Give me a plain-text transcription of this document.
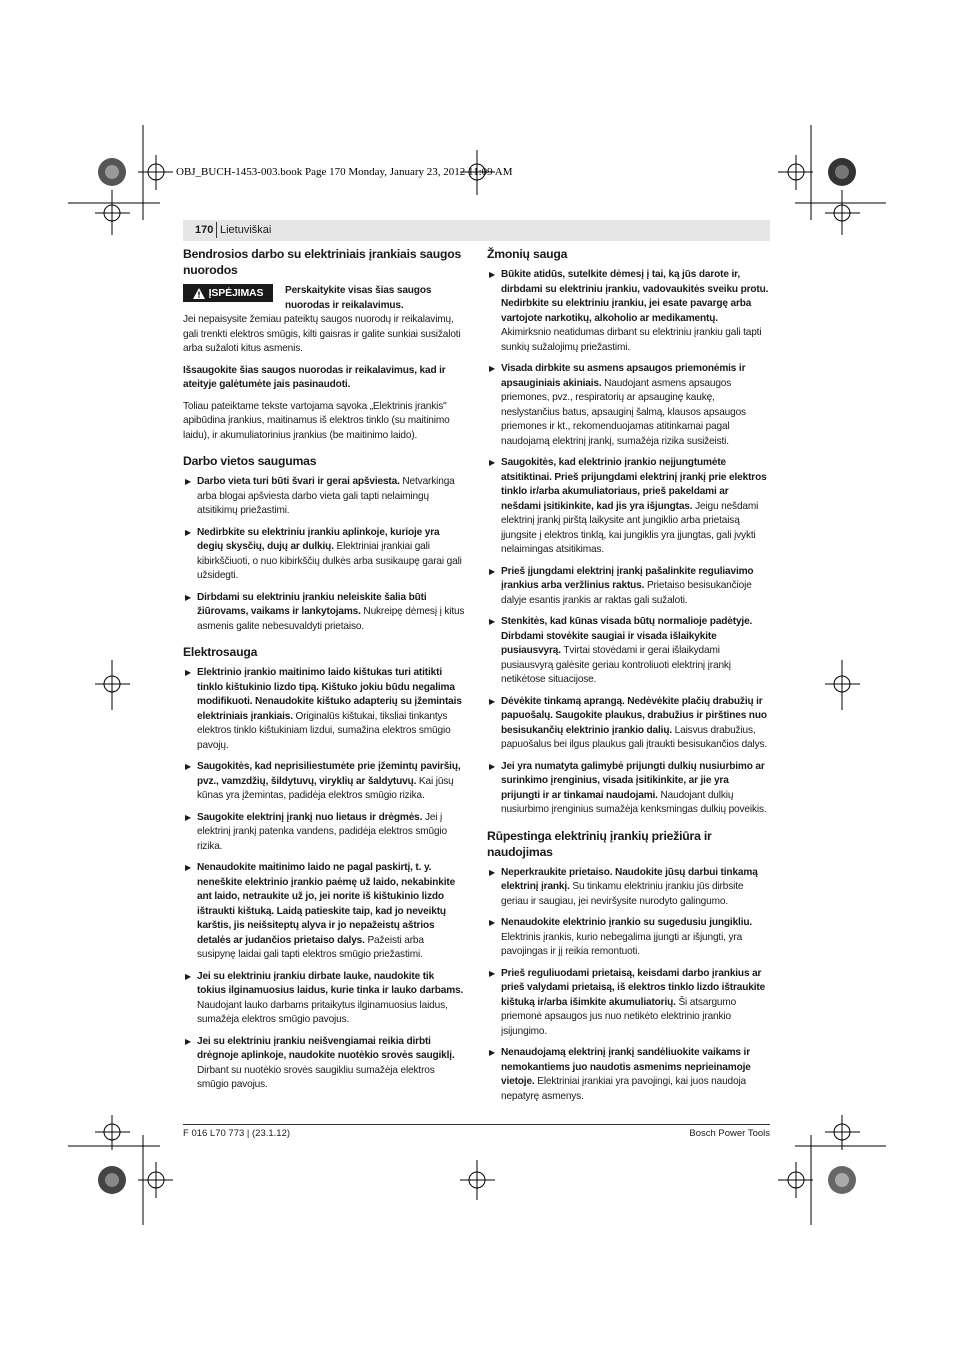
OBJ_BUCH-1453-003.book Page 170 Monday, January 23, 2012 11:09 AM
170 Lietuviškai
Bendrosios darbo su elektriniais įrankiais saugos nuorodos
ĮSPĖJIMAS Perskaitykite visas šias saugos nuorodas ir reikalavimus.

Jei nepaisysite žemiau pateiktų saugos nuorodų ir reikalavimų, gali trenkti elektros smūgis, kilti gaisras ir galite sunkiai susižaloti arba sužaloti kitus asmenis.

Išsaugokite šias saugos nuorodas ir reikalavimus, kad ir ateityje galėtumėte jais pasinaudoti.

Toliau pateiktame tekste vartojama sąvoka „Elektrinis įrankis" apibūdina įrankius, maitinamus iš elektros tinklo (su maitinimo laidu), ir akumuliatorinius įrankius (be maitinimo laido).

Darbo vietos saugumas
▶ Darbo vieta turi būti švari ir gerai apšviesta. Netvarkinga arba blogai apšviesta darbo vieta gali tapti nelaimingų atsitikimų priežastimi.
▶ Nedirbkite su elektriniu įrankiu aplinkoje, kurioje yra degių skysčių, dujų ar dulkių. Elektriniai įrankiai gali kibirkščiuoti, o nuo kibirkščių dulkės arba susikaupę garai gali užsidegti.
▶ Dirbdami su elektriniu įrankiu neleiskite šalia būti žiūrovams, vaikams ir lankytojams. Nukreipę dėmesį į kitus asmenis galite nebesuvaldyti prietaiso.
Elektrosauga
▶ Elektrinio įrankio maitinimo laido kištukas turi atitikti tinklo kištukinio lizdo tipą. Kištuko jokiu būdu negalima modifikuoti. Nenaudokite kištuko adapterių su įžemintais elektriniais įrankiais. Originalūs kištukai, tiksliai tinkantys elektros tinklo kištukiniam lizdui, sumažina elektros smūgio pavojų.
▶ Saugokitės, kad neprisiliestumėte prie įžemintų paviršių, pvz., vamzdžių, šildytuvų, viryklių ar šaldytuvų. Kai jūsų kūnas yra įžemintas, padidėja elektros smūgio rizika.
▶ Saugokite elektrinį įrankį nuo lietaus ir drėgmės. Jei į elektrinį įrankį patenka vandens, padidėja elektros smūgio rizika.
▶ Nenaudokite maitinimo laido ne pagal paskirtį, t. y. neneškite elektrinio įrankio paėmę už laido, nekabinkite ant laido, netraukite už jo, jei norite iš kištukinio lizdo ištraukti kištuką. Laidą patieskite taip, kad jo neveiktų karštis, jis neišsiteptų alyva ir jo nepažeistų aštrios detalės ar judančios prietaiso dalys. Pažeisti arba susipynę laidai gali tapti elektros smūgio priežastimi.
▶ Jei su elektriniu įrankiu dirbate lauke, naudokite tik tokius ilginamuosius laidus, kurie tinka ir lauko darbams. Naudojant lauko darbams pritaikytus ilginamuosius laidus, sumažėja elektros smūgio pavojus.
▶ Jei su elektriniu įrankiu neišvengiamai reikia dirbti drėgnoje aplinkoje, naudokite nuotėkio srovės saugiklį. Dirbant su nuotėkio srovės saugikliu sumažėja elektros smūgio pavojus.
Žmonių sauga
▶ Būkite atidūs, sutelkite dėmesį į tai, ką jūs darote ir, dirbdami su elektriniu įrankiu, vadovaukitės sveiku protu. Nedirbkite su elektriniu įrankiu, jei esate pavargę arba vartojote narkotikų, alkoholio ar medikamentų. Akimirksnio neatidumas dirbant su elektriniu įrankiu gali tapti sunkių sužalojimų priežastimi.
▶ Visada dirbkite su asmens apsaugos priemonėmis ir apsauginiais akiniais. Naudojant asmens apsaugos priemones, pvz., respiratorių ar apsauginę kaukę, neslystančius batus, apsauginį šalmą, klausos apsaugos priemones ir kt., rekomenduojamas atitinkamai pagal naudojamą elektrinį įrankį, sumažėja rizika susižeisti.
▶ Saugokitės, kad elektrinio įrankio neįjungtumėte atsitiktinai. Prieš prijungdami elektrinį įrankį prie elektros tinklo ir/arba akumuliatoriaus, prieš pakeldami ar nešdami įsitikinkite, kad jis yra išjungtas. Jeigu nešdami elektrinį įrankį pirštą laikysite ant jungiklio arba prietaisą įjungsite į elektros tinklą, kai jungiklis yra įjungtas, gali įvykti nelaimingas atsitikimas.
▶ Prieš įjungdami elektrinį įrankį pašalinkite reguliavimo įrankius arba veržlinius raktus. Prietaiso besisukančioje dalyje esantis įrankis ar raktas gali sužaloti.
▶ Stenkitės, kad kūnas visada būtų normalioje padėtyje. Dirbdami stovėkite saugiai ir visada išlaikykite pusiausvyrą. Tvirtai stovėdami ir gerai išlaikydami pusiausvyrą galėsite geriau kontroliuoti elektrinį įrankį netikėtose situacijose.
▶ Dėvėkite tinkamą aprangą. Nedėvėkite plačių drabužių ir papuošalų. Saugokite plaukus, drabužius ir pirštines nuo besisukančių elektrinio įrankio dalių. Laisvus drabužius, papuošalus bei ilgus plaukus gali įtraukti besisukančios dalys.
▶ Jei yra numatyta galimybė prijungti dulkių nusiurbimo ar surinkimo įrenginius, visada įsitikinkite, ar jie yra prijungti ir ar tinkamai naudojami. Naudojant dulkių nusiurbimo įrenginius sumažėja kenksmingas dulkių poveikis.
Rūpestinga elektrinių įrankių priežiūra ir naudojimas
▶ Neperkraukite prietaiso. Naudokite jūsų darbui tinkamą elektrinį įrankį. Su tinkamu elektriniu įrankiu jūs dirbsite geriau ir saugiau, jei neviršysite nurodyto galingumo.
▶ Nenaudokite elektrinio įrankio su sugedusiu jungikliu. Elektrinis įrankis, kurio nebegalima įjungti ar išjungti, yra pavojingas ir jį reikia remontuoti.
▶ Prieš reguliuodami prietaisą, keisdami darbo įrankius ar prieš valydami prietaisą, iš elektros tinklo lizdo ištraukite kištuką ir/arba išimkite akumuliatorių. Ši atsargumo priemonė apsaugos jus nuo netikėto elektrinio įrankio įsijungimo.
▶ Nenaudojamą elektrinį įrankį sandėliuokite vaikams ir nemokantiems juo naudotis asmenims neprieinamoje vietoje. Elektriniai įrankiai yra pavojingi, kai juos naudoja nepatyrę asmenys.
F 016 L70 773 | (23.1.12)	Bosch Power Tools
